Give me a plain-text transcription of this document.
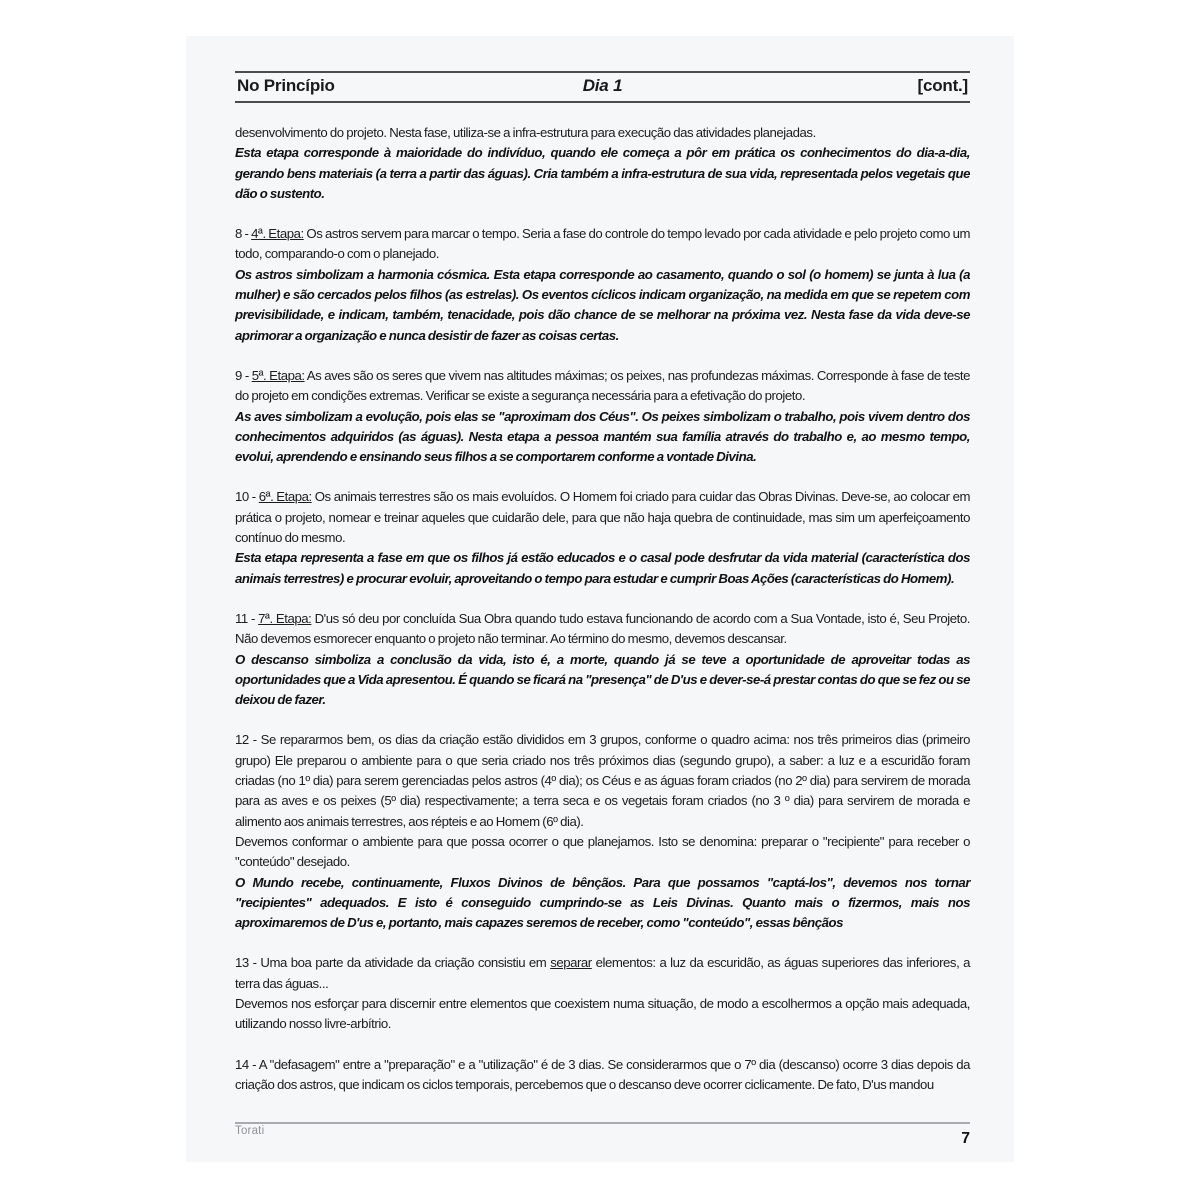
No Princípio	Dia 1	[cont.]

desenvolvimento do projeto. Nesta fase, utiliza-se a infra-estrutura para execução das atividades planejadas.

Esta etapa corresponde à maioridade do indivíduo, quando ele começa a pôr em prática os conhecimentos do dia-a-dia, gerando bens materiais (a terra a partir das águas). Cria também a infra-estrutura de sua vida, representada pelos vegetais que dão o sustento.

8 - 4ª. Etapa: Os astros servem para marcar o tempo. Seria a fase do controle do tempo levado por cada atividade e pelo projeto como um todo, comparando-o com o planejado.

Os astros simbolizam a harmonia cósmica. Esta etapa corresponde ao casamento, quando o sol (o homem) se junta à lua (a mulher) e são cercados pelos filhos (as estrelas). Os eventos cíclicos indicam organização, na medida em que se repetem com previsibilidade, e indicam, também, tenacidade, pois dão chance de se melhorar na próxima vez. Nesta fase da vida deve-se aprimorar a organização e nunca desistir de fazer as coisas certas.

9 - 5ª. Etapa: As aves são os seres que vivem nas altitudes máximas; os peixes, nas profundezas máximas. Corresponde à fase de teste do projeto em condições extremas. Verificar se existe a segurança necessária para a efetivação do projeto.

As aves simbolizam a evolução, pois elas se "aproximam dos Céus". Os peixes simbolizam o trabalho, pois vivem dentro dos conhecimentos adquiridos (as águas). Nesta etapa a pessoa mantém sua família através do trabalho e, ao mesmo tempo, evolui, aprendendo e ensinando seus filhos a se comportarem conforme a vontade Divina.

10 - 6ª. Etapa: Os animais terrestres são os mais evoluídos. O Homem foi criado para cuidar das Obras Divinas. Deve-se, ao colocar em prática o projeto, nomear e treinar aqueles que cuidarão dele, para que não haja quebra de continuidade, mas sim um aperfeiçoamento contínuo do mesmo.

Esta etapa representa a fase em que os filhos já estão educados e o casal pode desfrutar da vida material (característica dos animais terrestres) e procurar evoluir, aproveitando o tempo para estudar e cumprir Boas Ações (características do Homem).

11 - 7ª. Etapa: D'us só deu por concluída Sua Obra quando tudo estava funcionando de acordo com a Sua Vontade, isto é, Seu Projeto. Não devemos esmorecer enquanto o projeto não terminar. Ao término do mesmo, devemos descansar.

O descanso simboliza a conclusão da vida, isto é, a morte, quando já se teve a oportunidade de aproveitar todas as oportunidades que a Vida apresentou. É quando se ficará na "presença" de D'us e dever-se-á prestar contas do que se fez ou se deixou de fazer.

12 - Se repararmos bem, os dias da criação estão divididos em 3 grupos, conforme o quadro acima: nos três primeiros dias (primeiro grupo) Ele preparou o ambiente para o que seria criado nos três próximos dias (segundo grupo), a saber: a luz e a escuridão foram criadas (no 1º dia) para serem gerenciadas pelos astros (4º dia); os Céus e as águas foram criados (no 2º dia) para servirem de morada para as aves e os peixes (5º dia) respectivamente; a terra seca e os vegetais foram criados (no 3 º dia) para servirem de morada e alimento aos animais terrestres, aos répteis e ao Homem (6º dia).

Devemos conformar o ambiente para que possa ocorrer o que planejamos. Isto se denomina: preparar o "recipiente" para receber o "conteúdo" desejado.

O Mundo recebe, continuamente, Fluxos Divinos de bênçãos. Para que possamos "captá-los", devemos nos tornar "recipientes" adequados. E isto é conseguido cumprindo-se as Leis Divinas. Quanto mais o fizermos, mais nos aproximaremos de D'us e, portanto, mais capazes seremos de receber, como "conteúdo", essas bênçãos

13 - Uma boa parte da atividade da criação consistiu em separar elementos: a luz da escuridão, as águas superiores das inferiores, a terra das águas...

Devemos nos esforçar para discernir entre elementos que coexistem numa situação, de modo a escolhermos a opção mais adequada, utilizando nosso livre-arbítrio.

14 - A "defasagem" entre a "preparação" e a "utilização" é de 3 dias. Se considerarmos que o 7º dia (descanso) ocorre 3 dias depois da criação dos astros, que indicam os ciclos temporais, percebemos que o descanso deve ocorrer ciclicamente. De fato, D'us mandou

Torati	7
